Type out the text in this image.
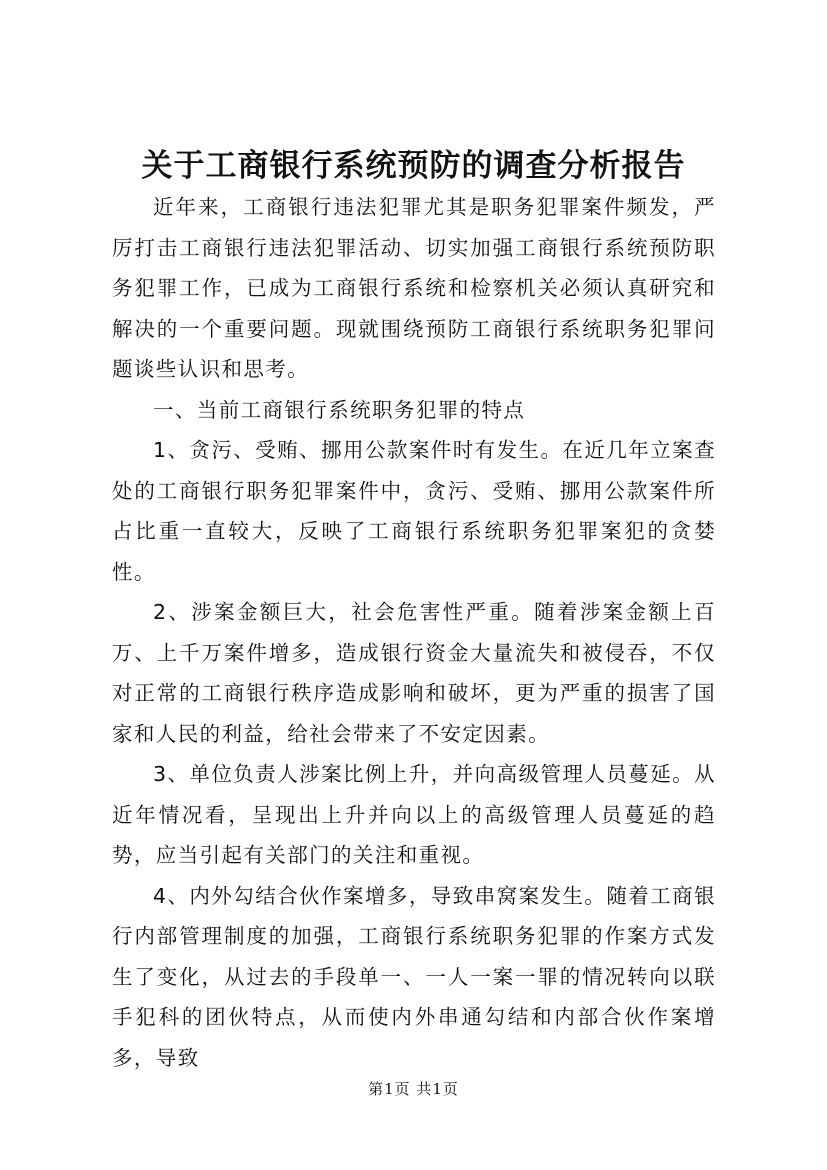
关于工商银行系统预防的调查分析报告

近年来，工商银行违法犯罪尤其是职务犯罪案件频发，严厉打击工商银行违法犯罪活动、切实加强工商银行系统预防职务犯罪工作，已成为工商银行系统和检察机关必须认真研究和解决的一个重要问题。现就围绕预防工商银行系统职务犯罪问题谈些认识和思考。

一、当前工商银行系统职务犯罪的特点

1、贪污、受贿、挪用公款案件时有发生。在近几年立案查处的工商银行职务犯罪案件中，贪污、受贿、挪用公款案件所占比重一直较大，反映了工商银行系统职务犯罪案犯的贪婪性。

2、涉案金额巨大，社会危害性严重。随着涉案金额上百万、上千万案件增多，造成银行资金大量流失和被侵吞，不仅对正常的工商银行秩序造成影响和破坏，更为严重的损害了国家和人民的利益，给社会带来了不安定因素。

3、单位负责人涉案比例上升，并向高级管理人员蔓延。从近年情况看，呈现出上升并向以上的高级管理人员蔓延的趋势，应当引起有关部门的关注和重视。

4、内外勾结合伙作案增多，导致串窝案发生。随着工商银行内部管理制度的加强，工商银行系统职务犯罪的作案方式发生了变化，从过去的手段单一、一人一案一罪的情况转向以联手犯科的团伙特点，从而使内外串通勾结和内部合伙作案增多，导致

第1页 共1页
